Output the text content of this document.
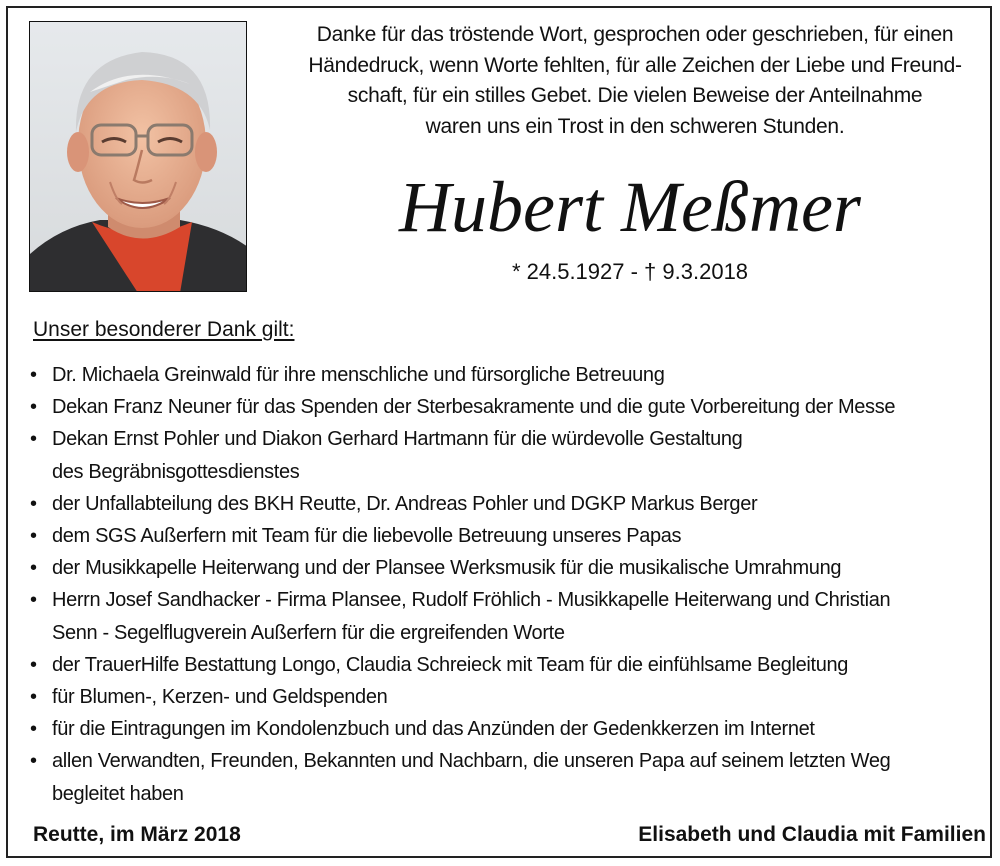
Danke für das tröstende Wort, gesprochen oder geschrieben, für einen
Händedruck, wenn Worte fehlten, für alle Zeichen der Liebe und Freund-
schaft, für ein stilles Gebet. Die vielen Beweise der Anteilnahme
waren uns ein Trost in den schweren Stunden.
Hubert Meßmer
* 24.5.1927 - † 9.3.2018
Unser besonderer Dank gilt:
• Dr. Michaela Greinwald für ihre menschliche und fürsorgliche Betreuung
• Dekan Franz Neuner für das Spenden der Sterbesakramente und die gute Vorbereitung der Messe
• Dekan Ernst Pohler und Diakon Gerhard Hartmann für die würdevolle Gestaltung
des Begräbnisgottesdienstes
• der Unfallabteilung des BKH Reutte, Dr. Andreas Pohler und DGKP Markus Berger
• dem SGS Außerfern mit Team für die liebevolle Betreuung unseres Papas
• der Musikkapelle Heiterwang und der Plansee Werksmusik für die musikalische Umrahmung
• Herrn Josef Sandhacker - Firma Plansee, Rudolf Fröhlich - Musikkapelle Heiterwang und Christian
Senn - Segelflugverein Außerfern für die ergreifenden Worte
• der TrauerHilfe Bestattung Longo, Claudia Schreieck mit Team für die einfühlsame Begleitung
• für Blumen-, Kerzen- und Geldspenden
• für die Eintragungen im Kondolenzbuch und das Anzünden der Gedenkkerzen im Internet
• allen Verwandten, Freunden, Bekannten und Nachbarn, die unseren Papa auf seinem letzten Weg
begleitet haben
Reutte, im März 2018	Elisabeth und Claudia mit Familien
